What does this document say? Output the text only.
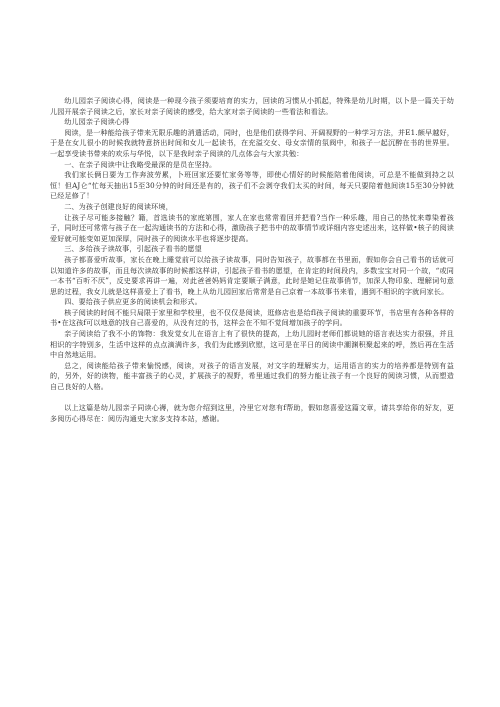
幼儿园亲子阅读心得，阅读是一种现今孩子须要培育的实力，回读的习惯从小抓起，特殊是幼儿时期，以卜是一篇关于幼儿园开展亲子阅读之后，家长对亲子阅读的感受，给大家对亲子阅读的一些看法和看法。

幼儿园亲子阅读心得

阅读，是一种能给孩子带来无限乐趣的消遣活动，同时，也是他们获得学问、开阔视野的一种学习方法，并E1.颇早越好，于是在女儿很小的时候我就特意挤出时间和女儿一起读书，在充溢交女、母女亲情的氛阀中，和孩子一起沉醉在书的世界里。一起享受读书带来的欢乐与华悦，以下是我时亲子阅读的几点体会与大家共勉：

一、在亲子阅读中让我略受最深的是员在坚持。

我们家长俩日要为工作奔波劳累，卜班回家还要忙家务等等，即使心情好的时候能陪着他阅读，可总是不能做到持之以恒！但AJ仑“忙每天抽出15至30分钟的时间还是有的，孩子们不会剥夺我们太买的时间，每天只要陪着他间读15至30分钟就已经足修了！

二、为孩子创建良好的阅读环境，

让孩子尽可能多接触？籍，首选读书的家庭第围，家人在家也常常看回并把看?当作一种乐趣，用自己的热忱来尊染着孩子，同时还可常常与孩子在一起沟通读书的方法和心得，激励孩子把书中的故事情节或详细内容史述出来，这样做•核子的阅读爱好就可能变如更加深厚，同时孩子的阅读水平也将逐步提高。

三、多给孩子读故事，引起孩子看书的愿望

孩子都喜爱听故事，家长在晚上睡觉前可以给孩子读故事，同时告知孩子，故事都在书里面，假如你会自己看书的话就可以知道许多的故事，而且每次读故事的时候都这样讲，引起孩子看书的愿望，在肯定的时间段内，多数宝宝对同一个故，“或同一本书“百听不厌”，反史要求再讲一遍，对此爸爸妈妈肯定要顺子满意，此时是她记住故事俏节，加深人物印象、理解词句意思的过程，我女儿就是这样喜爱上了看书，晚上从幼儿园回家后常常是自己京着一本故事书来看，遇到不相识的字就问家长。

四、要给孩子供应更多的阅读机会和形式。

核子阅读的时间不能只局限于家里和学校里，也不仅仅是阅读，逛修店也是给fl孩子阅读的重要环节，书店里有各种各样的书•在这孩f可以地意的找自己喜爱的，从没有过的书，这样会在不知不觉间增加孩子的学问。

亲子阅读给了我不小的饰物：我发觉女儿在语言上有了很快的提高，上幼儿园时老师们都说她的语言表达实力很强，并且相识的字特别多，生活中这样的点点滴满许多，我们为此感到欣慰，这可是在平日的阅读中潮渊积聚起来的呼，然后再在生活中自然地运用。

总之，阅读能给孩子带来愉悦感，阅读，对孩子的语言发展，对文字的理解实力，运用语言的实力的培养都是特别有益的，另外，好的读物，能丰富孩子的心灵，扩展孩子的视野，希里通过我们的努力能让孩子有一个良好的阅读习惯，从而塑造自己良好的人格。

以上这篇是幼儿园亲子同读心褥，就为您介绍到这里，冷里它对您有f帮助，假如您喜爱这篇文章，请共享给你的好友，更多阅历心得尽在：阅历沟通史大家多支持本站，感谢。
